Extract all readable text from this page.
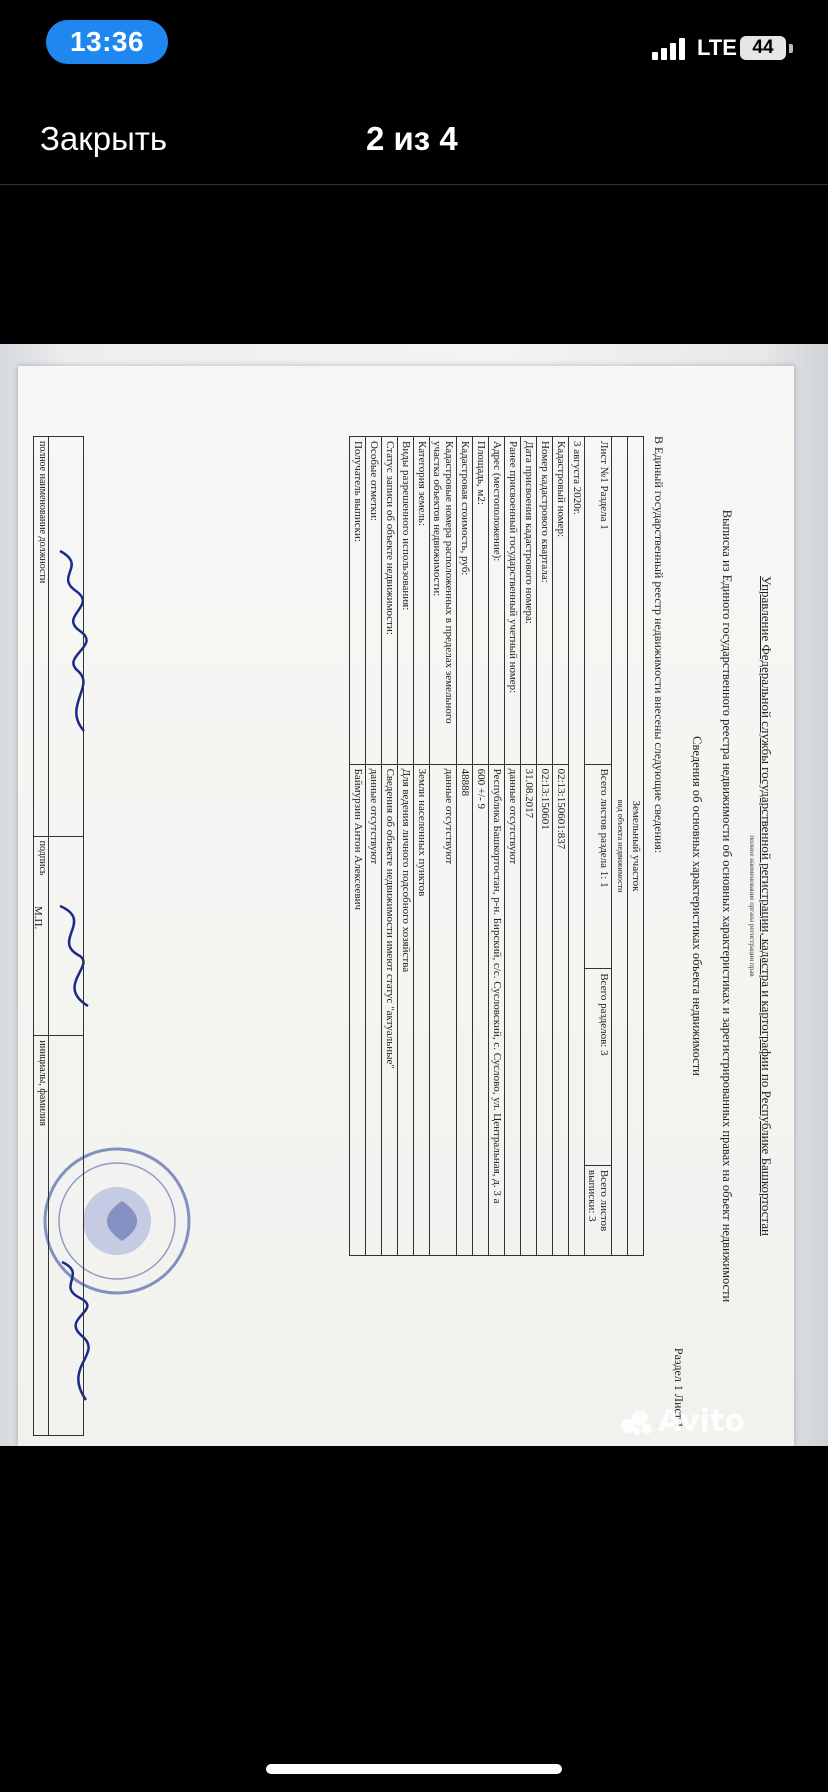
13:36	LTE 44
Закрыть	2 из 4
Управление Федеральной службы государственной регистрации, кадастра и картографии по Республике Башкортостан
полное наименование органа регистрации прав
Выписка из Единого государственного реестра недвижимости об основных характеристиках и зарегистрированных правах на объект недвижимости
Сведения об основных характеристиках объекта недвижимости
Раздел 1 Лист 1
В Единый государственный реестр недвижимости внесены следующие сведения:
Земельный участок			
вид объекта недвижимости			
Лист №1 Раздела 1	Всего листов раздела 1: 1	Всего разделов: 3	Всего листов выписки: 3
3 августа 2020г.			
Кадастровый номер:	02:13:150601:837		
Номер кадастрового квартала:	02:13:150601		
Дата присвоения кадастрового номера:	31.08.2017		
Ранее присвоенный государственный учетный номер:	данные отсутствуют		
Адрес (местоположение):	Республика Башкортостан, р-н. Бирский, с/с. Сусловский, с. Суслово, ул. Центральная, д. 3 а		
Площадь, м2:	600 +/- 9		
Кадастровая стоимость, руб:	48888		
Кадастровые номера расположенных в пределах земельного участка объектов недвижимости:	данные отсутствуют		
Категория земель:	Земли населенных пунктов		
Виды разрешенного использования:	Для ведения личного подсобного хозяйства		
Статус записи об объекте недвижимости:	Сведения об объекте недвижимости имеют статус "актуальные"		
Особые отметки:	данные отсутствуют		
Получатель выписки:	Баймурзин Антон Алексеевич		

полное наименование должности	подпись	инициалы, фамилия
М.П.
Avito
